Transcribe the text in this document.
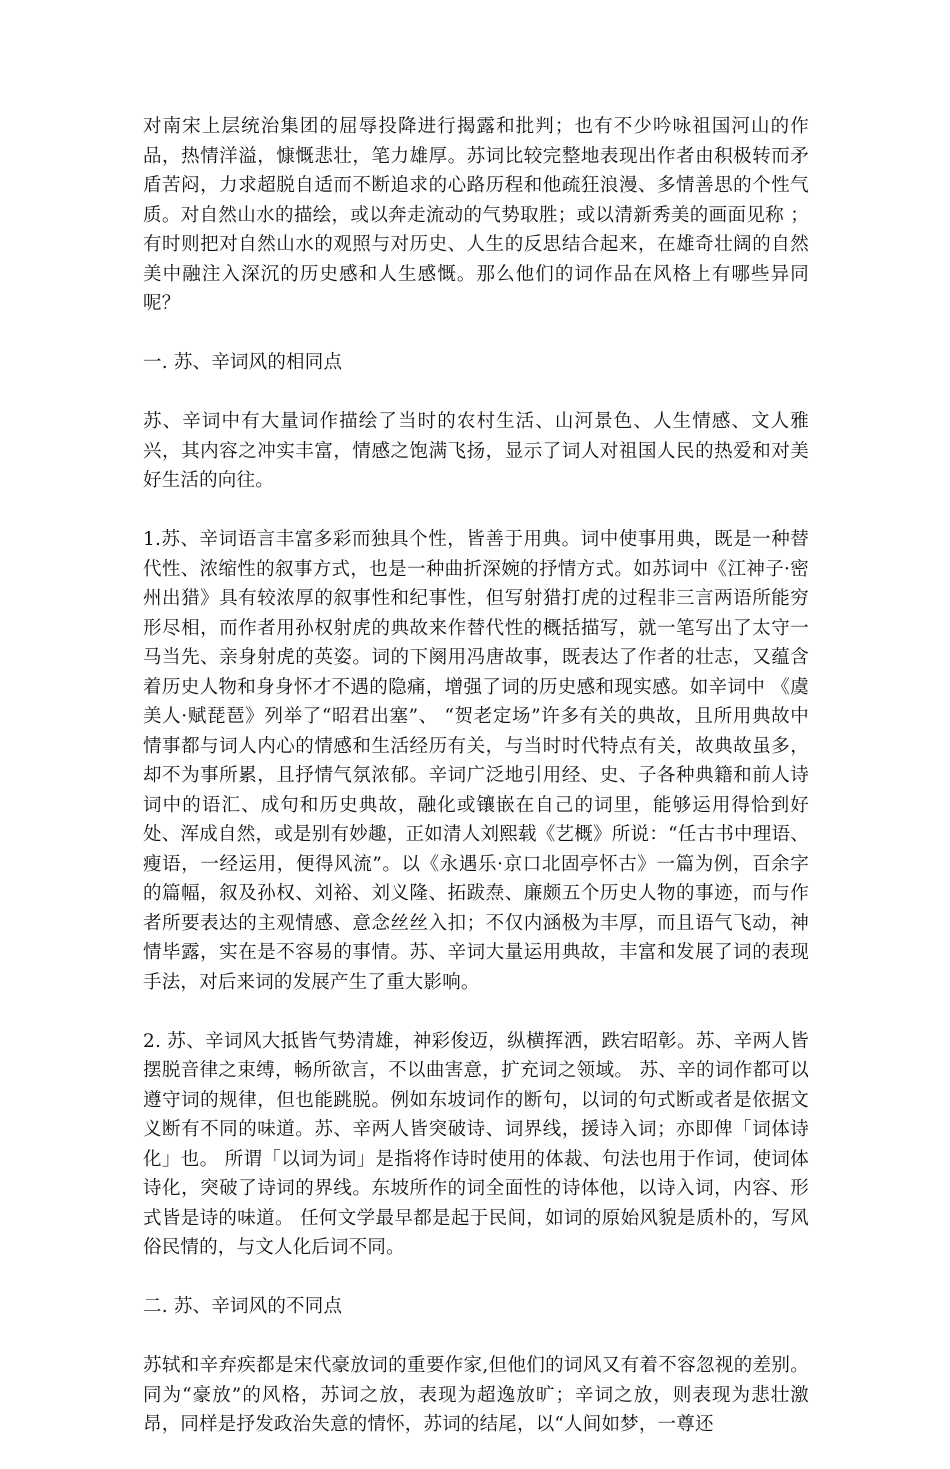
对南宋上层统治集团的屈辱投降进行揭露和批判；也有不少吟咏祖国河山的作品，热情洋溢，慷慨悲壮，笔力雄厚。苏词比较完整地表现出作者由积极转而矛盾苦闷，力求超脱自适而不断追求的心路历程和他疏狂浪漫、多情善思的个性气质。对自然山水的描绘，或以奔走流动的气势取胜；或以清新秀美的画面见称 ；有时则把对自然山水的观照与对历史、人生的反思结合起来，在雄奇壮阔的自然美中融注入深沉的历史感和人生感慨。那么他们的词作品在风格上有哪些异同呢？

一. 苏、辛词风的相同点

苏、辛词中有大量词作描绘了当时的农村生活、山河景色、人生情感、文人雅兴，其内容之冲实丰富，情感之饱满飞扬，显示了词人对祖国人民的热爱和对美好生活的向往。

1.苏、辛词语言丰富多彩而独具个性，皆善于用典。词中使事用典，既是一种替代性、浓缩性的叙事方式，也是一种曲折深婉的抒情方式。如苏词中《江神子·密州出猎》具有较浓厚的叙事性和纪事性，但写射猎打虎的过程非三言两语所能穷形尽相，而作者用孙权射虎的典故来作替代性的概括描写，就一笔写出了太守一马当先、亲身射虎的英姿。词的下阕用冯唐故事，既表达了作者的壮志，又蕴含着历史人物和身身怀才不遇的隐痛，增强了词的历史感和现实感。如辛词中 《虞美人·赋琵琶》列举了“昭君出塞”、 “贺老定场”许多有关的典故，且所用典故中情事都与词人内心的情感和生活经历有关，与当时时代特点有关，故典故虽多，却不为事所累，且抒情气氛浓郁。辛词广泛地引用经、史、子各种典籍和前人诗词中的语汇、成句和历史典故，融化或镶嵌在自己的词里，能够运用得恰到好处、浑成自然，或是别有妙趣，正如清人刘熙载《艺概》所说：“任古书中理语、瘦语，一经运用，便得风流”。以《永遇乐·京口北固亭怀古》一篇为例，百余字的篇幅，叙及孙权、刘裕、刘义隆、拓跋焘、廉颇五个历史人物的事迹，而与作者所要表达的主观情感、意念丝丝入扣；不仅内涵极为丰厚，而且语气飞动，神情毕露，实在是不容易的事情。苏、辛词大量运用典故，丰富和发展了词的表现手法，对后来词的发展产生了重大影响。

2. 苏、辛词风大抵皆气势清雄，神彩俊迈，纵横挥洒，跌宕昭彰。苏、辛两人皆摆脱音律之束缚，畅所欲言，不以曲害意，扩充词之领域。 苏、辛的词作都可以遵守词的规律，但也能跳脱。例如东坡词作的断句，以词的句式断或者是依据文义断有不同的味道。苏、辛两人皆突破诗、词界线，援诗入词；亦即俾「词体诗化」也。 所谓「以词为词」是指将作诗时使用的体裁、句法也用于作词，使词体诗化，突破了诗词的界线。东坡所作的词全面性的诗体他，以诗入词，内容、形式皆是诗的味道。 任何文学最早都是起于民间，如词的原始风貌是质朴的，写风俗民情的，与文人化后词不同。

二. 苏、辛词风的不同点

苏轼和辛弃疾都是宋代豪放词的重要作家,但他们的词风又有着不容忽视的差别。同为“豪放”的风格，苏词之放，表现为超逸放旷；辛词之放，则表现为悲壮激昂，同样是抒发政治失意的情怀，苏词的结尾，以“人间如梦，一尊还
